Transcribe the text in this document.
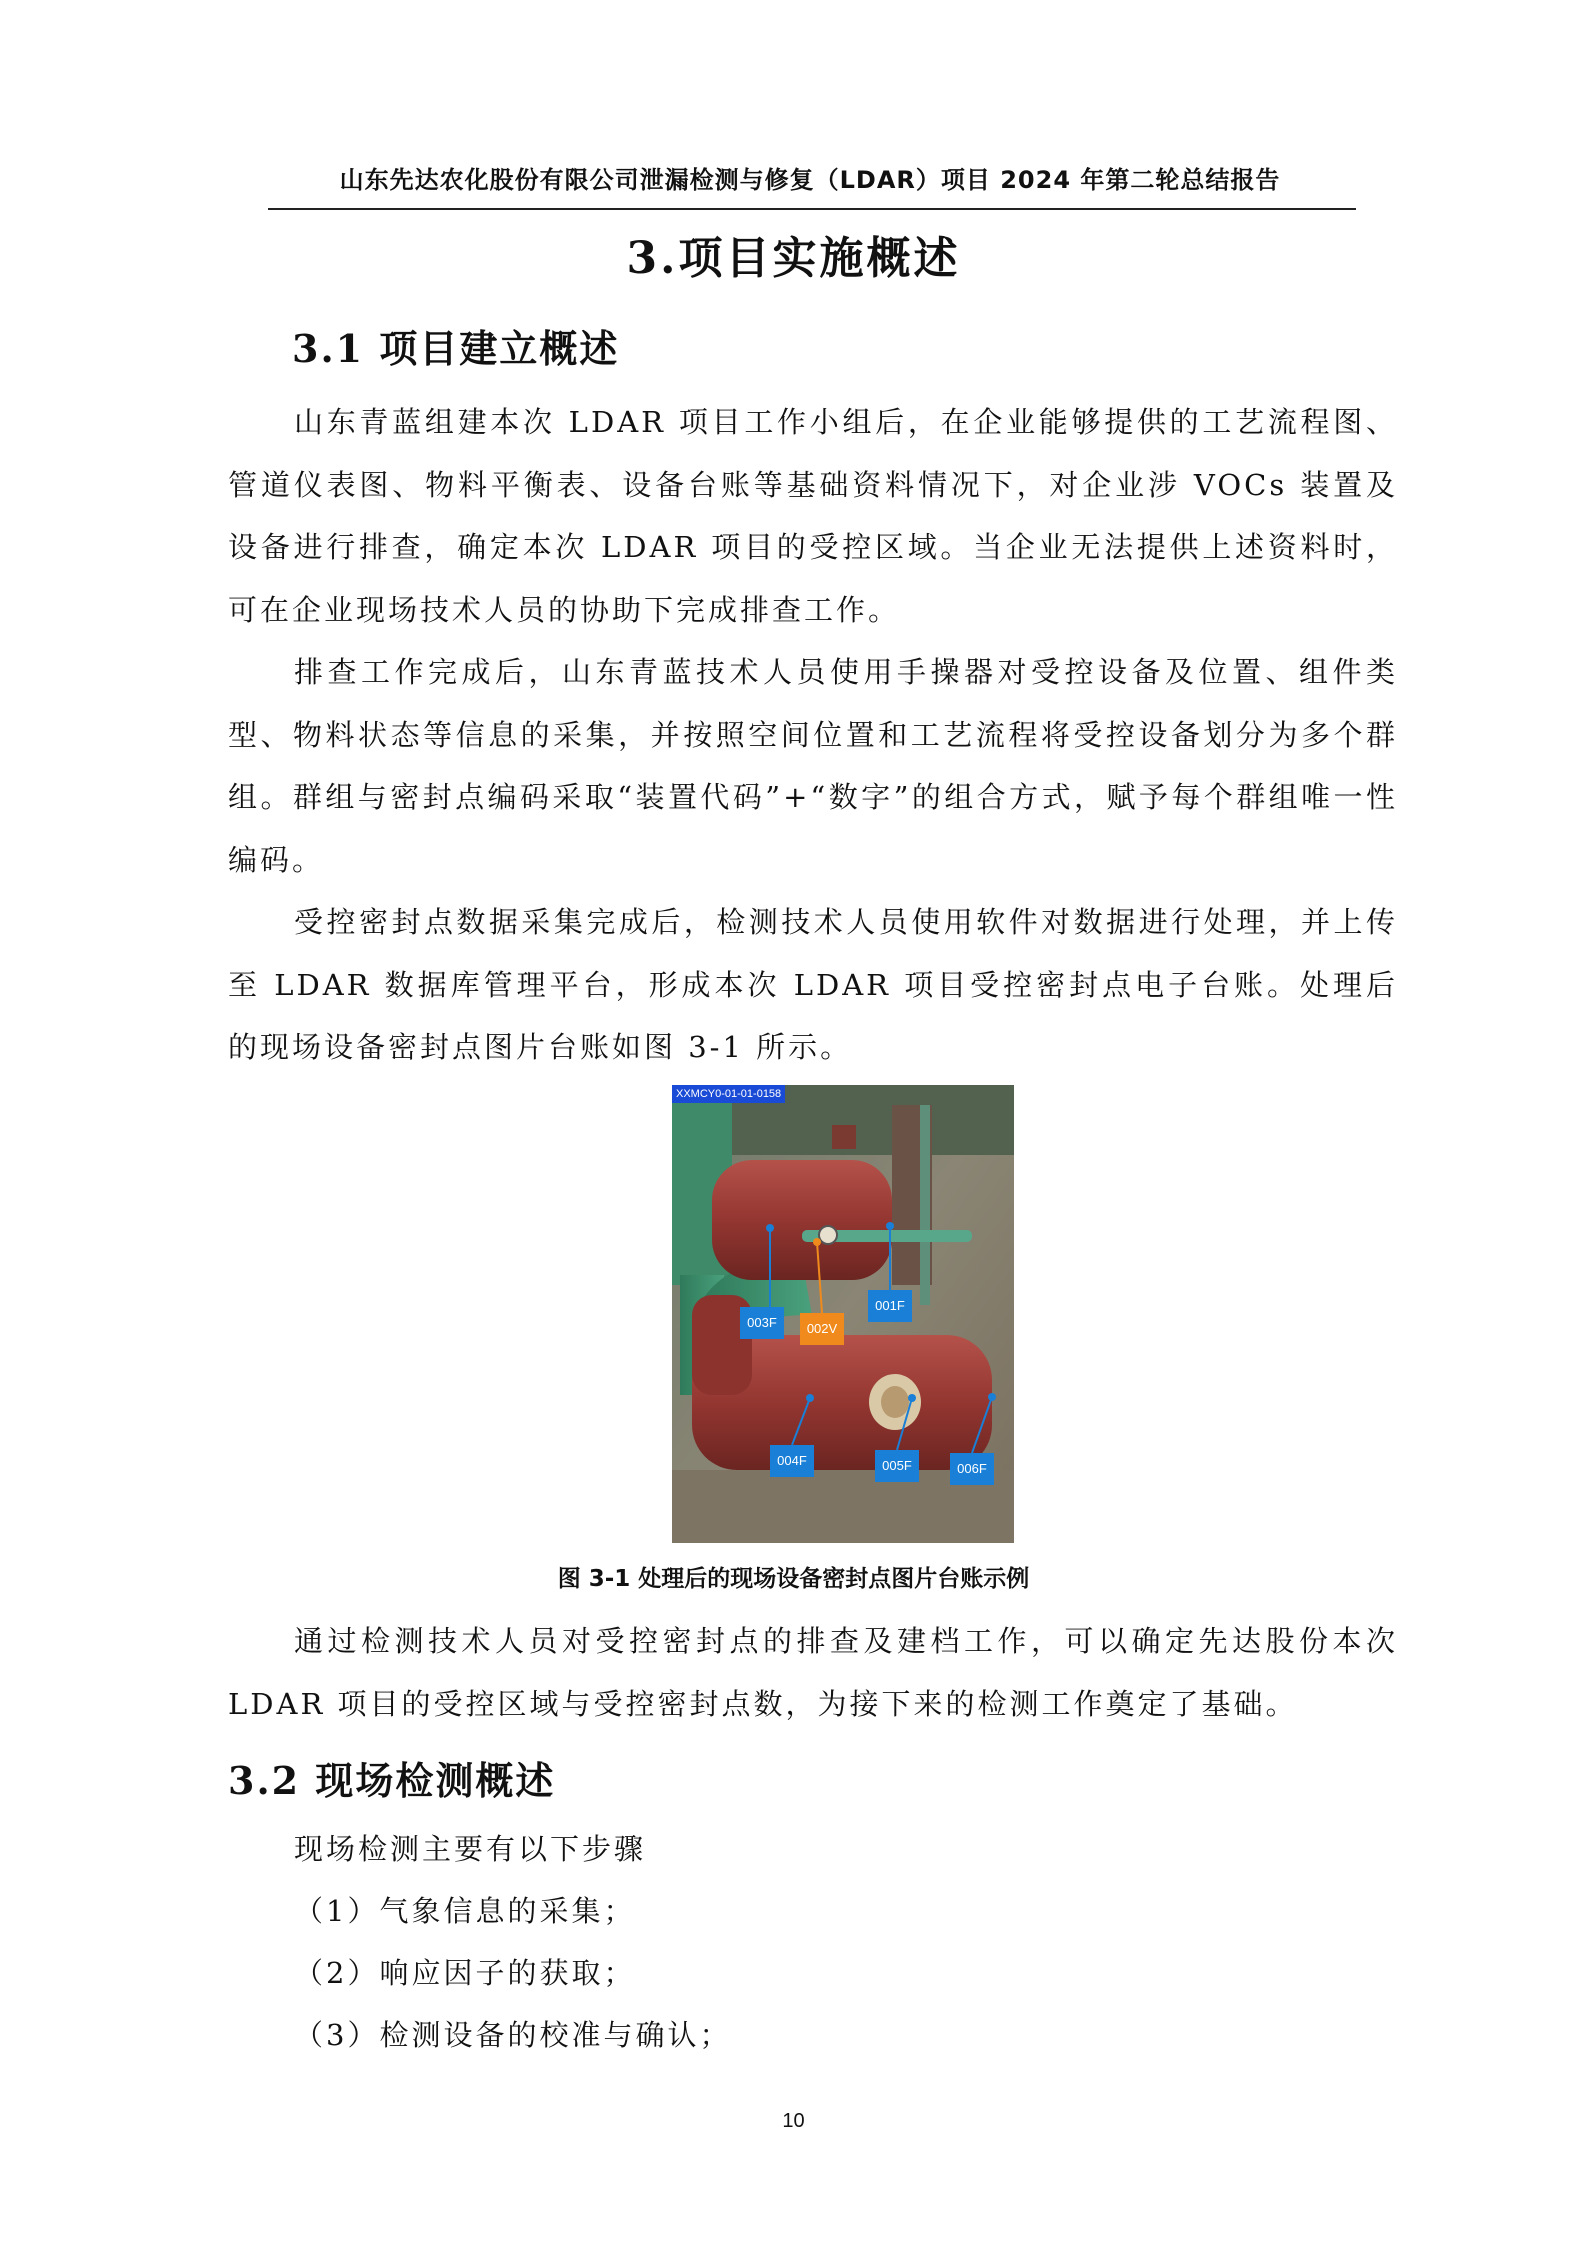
山东先达农化股份有限公司泄漏检测与修复（LDAR）项目 2024 年第二轮总结报告
3.项目实施概述
3.1 项目建立概述
山东青蓝组建本次 LDAR 项目工作小组后，在企业能够提供的工艺流程图、管道仪表图、物料平衡表、设备台账等基础资料情况下，对企业涉 VOCs 装置及设备进行排查，确定本次 LDAR 项目的受控区域。当企业无法提供上述资料时，可在企业现场技术人员的协助下完成排查工作。
排查工作完成后，山东青蓝技术人员使用手操器对受控设备及位置、组件类型、物料状态等信息的采集，并按照空间位置和工艺流程将受控设备划分为多个群组。群组与密封点编码采取“装置代码”+“数字”的组合方式，赋予每个群组唯一性编码。
受控密封点数据采集完成后，检测技术人员使用软件对数据进行处理，并上传至 LDAR 数据库管理平台，形成本次 LDAR 项目受控密封点电子台账。处理后的现场设备密封点图片台账如图 3-1 所示。
XXMCY0-01-01-0158
003F	002V
001F
004F	005F	006F
图 3-1 处理后的现场设备密封点图片台账示例
通过检测技术人员对受控密封点的排查及建档工作，可以确定先达股份本次 LDAR 项目的受控区域与受控密封点数，为接下来的检测工作奠定了基础。
3.2 现场检测概述
现场检测主要有以下步骤
（1）气象信息的采集；
（2）响应因子的获取；
（3）检测设备的校准与确认；
10
